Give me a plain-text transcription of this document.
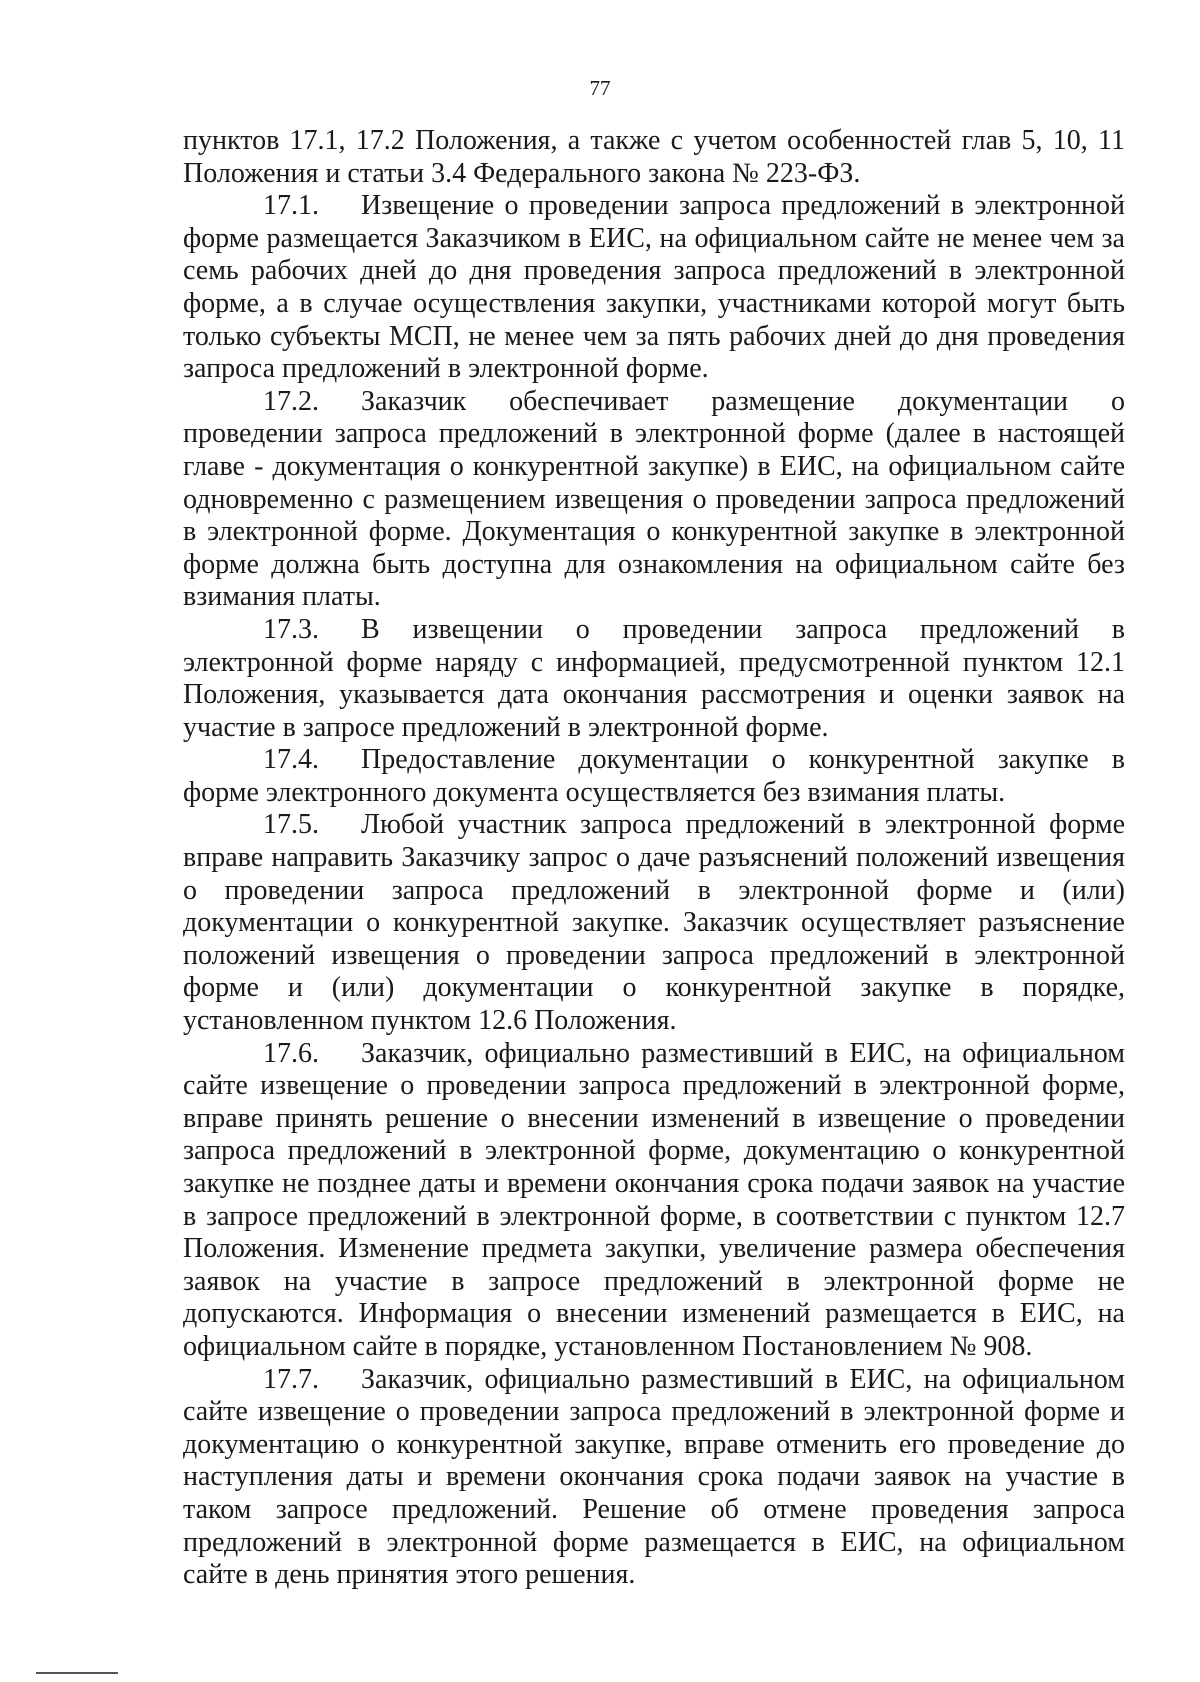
77

пунктов 17.1, 17.2 Положения, а также с учетом особенностей глав 5, 10, 11 Положения и статьи 3.4 Федерального закона № 223-ФЗ.

17.1. Извещение о проведении запроса предложений в электронной форме размещается Заказчиком в ЕИС, на официальном сайте не менее чем за семь рабочих дней до дня проведения запроса предложений в электронной форме, а в случае осуществления закупки, участниками которой могут быть только субъекты МСП, не менее чем за пять рабочих дней до дня проведения запроса предложений в электронной форме.

17.2. Заказчик обеспечивает размещение документации о проведении запроса предложений в электронной форме (далее в настоящей главе - документация о конкурентной закупке) в ЕИС, на официальном сайте одновременно с размещением извещения о проведении запроса предложений в электронной форме. Документация о конкурентной закупке в электронной форме должна быть доступна для ознакомления на официальном сайте без взимания платы.

17.3. В извещении о проведении запроса предложений в электронной форме наряду с информацией, предусмотренной пунктом 12.1 Положения, указывается дата окончания рассмотрения и оценки заявок на участие в запросе предложений в электронной форме.

17.4. Предоставление документации о конкурентной закупке в форме электронного документа осуществляется без взимания платы.

17.5. Любой участник запроса предложений в электронной форме вправе направить Заказчику запрос о даче разъяснений положений извещения о проведении запроса предложений в электронной форме и (или) документации о конкурентной закупке. Заказчик осуществляет разъяснение положений извещения о проведении запроса предложений в электронной форме и (или) документации о конкурентной закупке в порядке, установленном пунктом 12.6 Положения.

17.6. Заказчик, официально разместивший в ЕИС, на официальном сайте извещение о проведении запроса предложений в электронной форме, вправе принять решение о внесении изменений в извещение о проведении запроса предложений в электронной форме, документацию о конкурентной закупке не позднее даты и времени окончания срока подачи заявок на участие в запросе предложений в электронной форме, в соответствии с пунктом 12.7 Положения. Изменение предмета закупки, увеличение размера обеспечения заявок на участие в запросе предложений в электронной форме не допускаются. Информация о внесении изменений размещается в ЕИС, на официальном сайте в порядке, установленном Постановлением № 908.

17.7. Заказчик, официально разместивший в ЕИС, на официальном сайте извещение о проведении запроса предложений в электронной форме и документацию о конкурентной закупке, вправе отменить его проведение до наступления даты и времени окончания срока подачи заявок на участие в таком запросе предложений. Решение об отмене проведения запроса предложений в электронной форме размещается в ЕИС, на официальном сайте в день принятия этого решения.
